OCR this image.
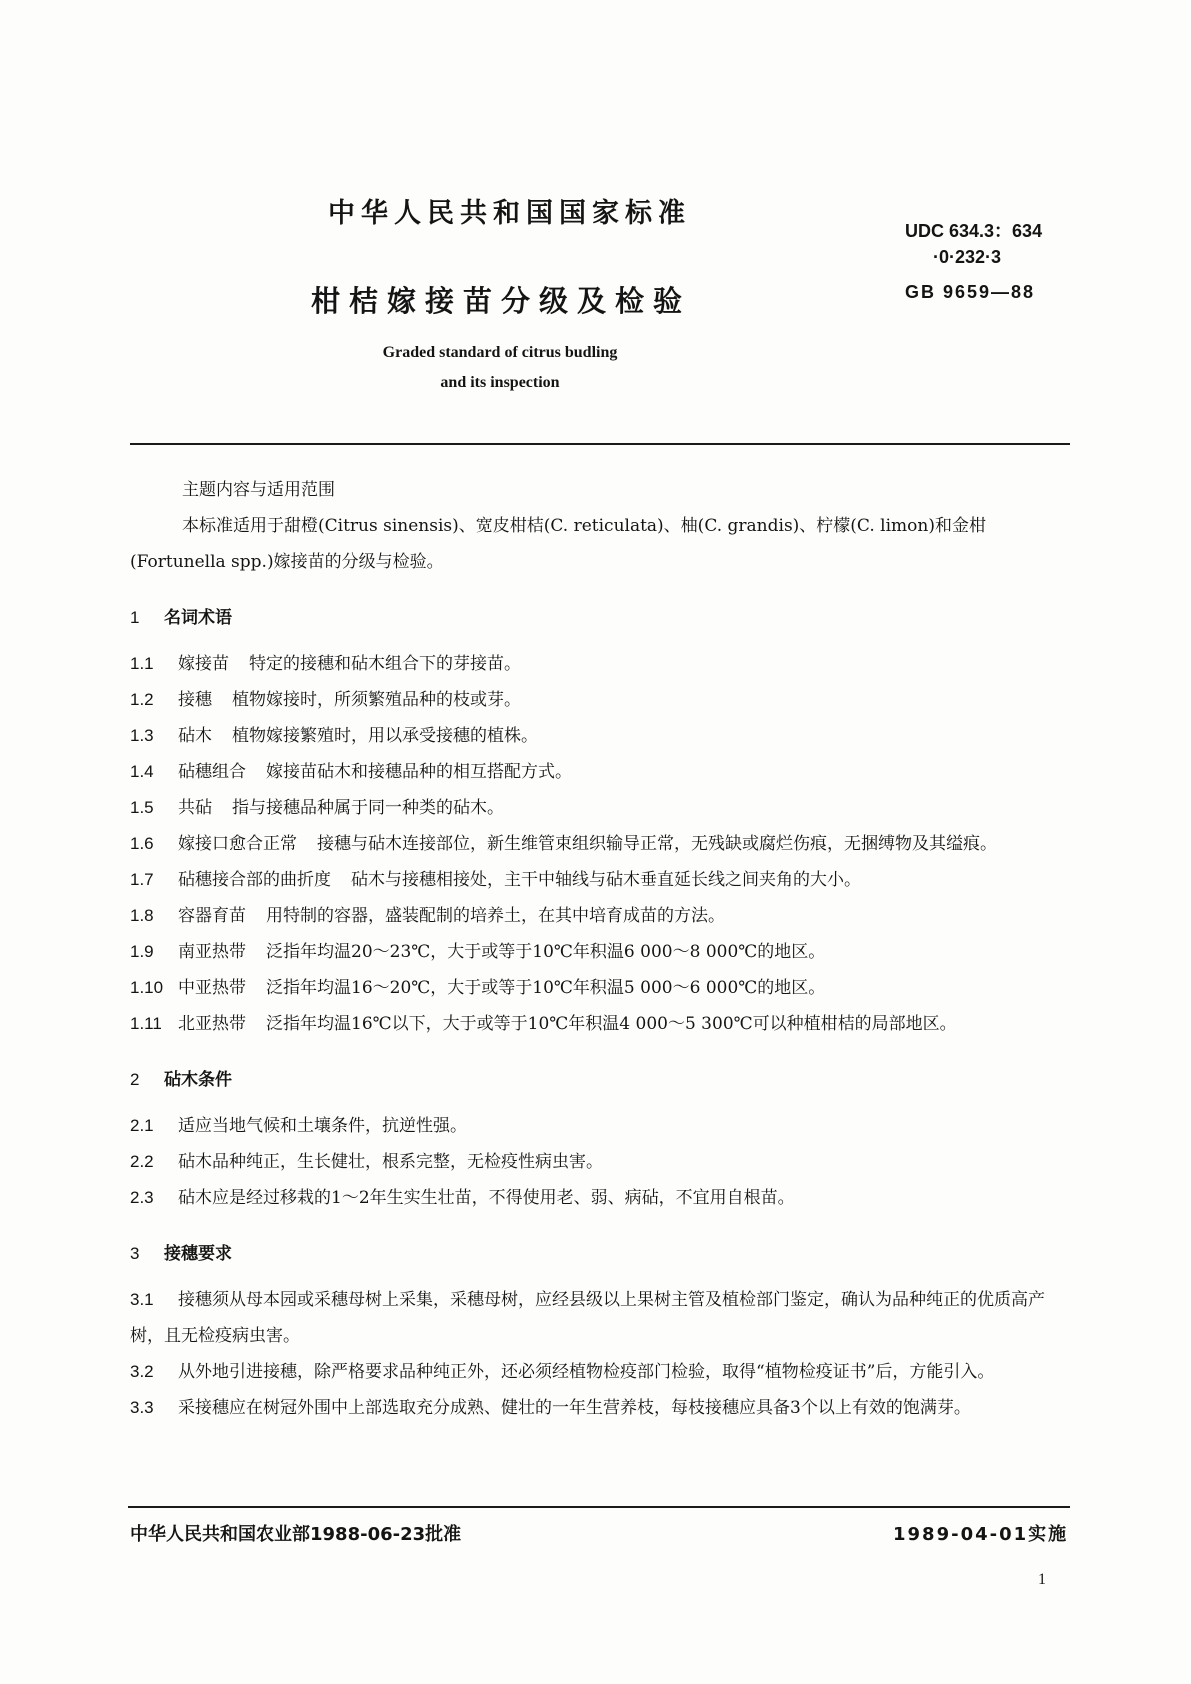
中华人民共和国国家标准
UDC 634.3：634
·0·232·3
柑桔嫁接苗分级及检验	GB 9659—88
Graded standard of citrus budling
and its inspection

主题内容与适用范围

本标准适用于甜橙(Citrus sinensis)、宽皮柑桔(C. reticulata)、柚(C. grandis)、柠檬(C. limon)和金柑(Fortunella spp.)嫁接苗的分级与检验。

1 名词术语

1.1 嫁接苗 特定的接穗和砧木组合下的芽接苗。

1.2 接穗 植物嫁接时，所须繁殖品种的枝或芽。

1.3 砧木 植物嫁接繁殖时，用以承受接穗的植株。

1.4 砧穗组合 嫁接苗砧木和接穗品种的相互搭配方式。

1.5 共砧 指与接穗品种属于同一种类的砧木。

1.6 嫁接口愈合正常 接穗与砧木连接部位，新生维管束组织输导正常，无残缺或腐烂伤痕，无捆缚物及其缢痕。

1.7 砧穗接合部的曲折度 砧木与接穗相接处，主干中轴线与砧木垂直延长线之间夹角的大小。

1.8 容器育苗 用特制的容器，盛装配制的培养土，在其中培育成苗的方法。

1.9 南亚热带 泛指年均温20～23℃，大于或等于10℃年积温6 000～8 000℃的地区。

1.10 中亚热带 泛指年均温16～20℃，大于或等于10℃年积温5 000～6 000℃的地区。

1.11 北亚热带 泛指年均温16℃以下，大于或等于10℃年积温4 000～5 300℃可以种植柑桔的局部地区。

2 砧木条件

2.1 适应当地气候和土壤条件，抗逆性强。

2.2 砧木品种纯正，生长健壮，根系完整，无检疫性病虫害。

2.3 砧木应是经过移栽的1～2年生实生壮苗，不得使用老、弱、病砧，不宜用自根苗。

3 接穗要求

3.1 接穗须从母本园或采穗母树上采集，采穗母树，应经县级以上果树主管及植检部门鉴定，确认为品种纯正的优质高产树，且无检疫病虫害。

3.2 从外地引进接穗，除严格要求品种纯正外，还必须经植物检疫部门检验，取得“植物检疫证书”后，方能引入。

3.3 采接穗应在树冠外围中上部选取充分成熟、健壮的一年生营养枝，每枝接穗应具备3个以上有效的饱满芽。

中华人民共和国农业部1988-06-23批准	1989-04-01实施
1
